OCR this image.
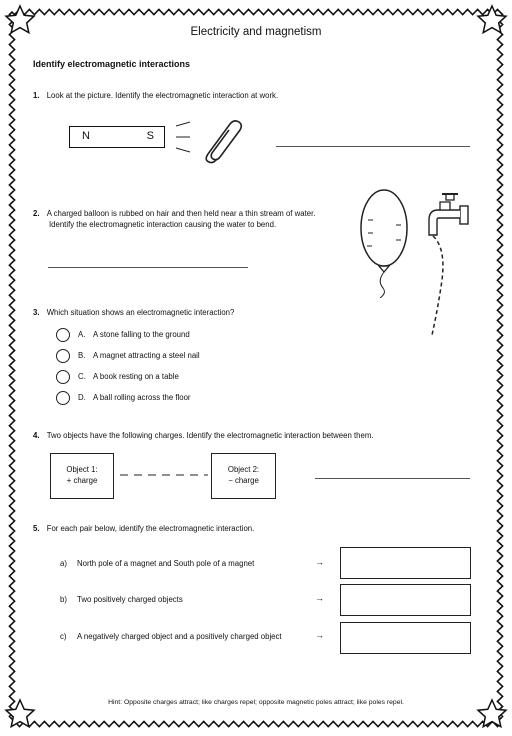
Electricity and magnetism
Identify electromagnetic interactions
1. Look at the picture. Identify the electromagnetic interaction at work.
N	S
2. A charged balloon is rubbed on hair and then held near a thin stream of water.
Identify the electromagnetic interaction causing the water to bend.
3. Which situation shows an electromagnetic interaction?
A. A stone falling to the ground
B. A magnet attracting a steel nail
C. A book resting on a table
D. A ball rolling across the floor
4. Two objects have the following charges. Identify the electromagnetic interaction between them.
Object 1:
+ charge
Object 2:
− charge
5. For each pair below, identify the electromagnetic interaction.
a) North pole of a magnet and South pole of a magnet	→
b) Two positively charged objects	→
c) A negatively charged object and a positively charged object	→
Hint: Opposite charges attract; like charges repel; opposite magnetic poles attract; like poles repel.
